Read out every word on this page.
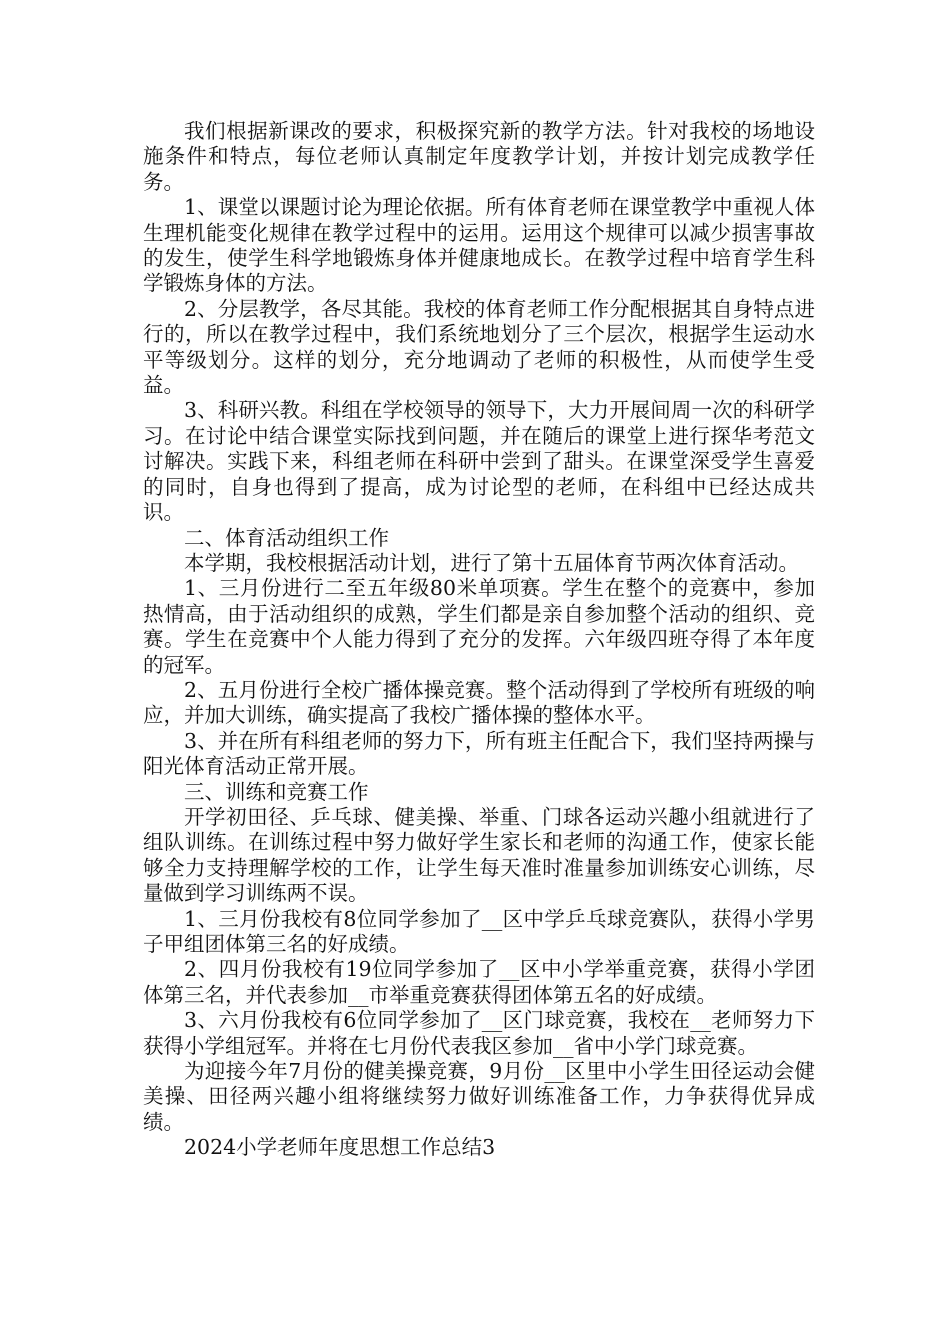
我们根据新课改的要求，积极探究新的教学方法。针对我校的场地设施条件和特点，每位老师认真制定年度教学计划，并按计划完成教学任务。

1、课堂以课题讨论为理论依据。所有体育老师在课堂教学中重视人体生理机能变化规律在教学过程中的运用。运用这个规律可以减少损害事故的发生，使学生科学地锻炼身体并健康地成长。在教学过程中培育学生科学锻炼身体的方法。

2、分层教学，各尽其能。我校的体育老师工作分配根据其自身特点进行的，所以在教学过程中，我们系统地划分了三个层次，根据学生运动水平等级划分。这样的划分，充分地调动了老师的积极性，从而使学生受益。

3、科研兴教。科组在学校领导的领导下，大力开展间周一次的科研学习。在讨论中结合课堂实际找到问题，并在随后的课堂上进行探华考范文讨解决。实践下来，科组老师在科研中尝到了甜头。在课堂深受学生喜爱的同时，自身也得到了提高，成为讨论型的老师，在科组中已经达成共识。

二、体育活动组织工作

本学期，我校根据活动计划，进行了第十五届体育节两次体育活动。

1、三月份进行二至五年级80米单项赛。学生在整个的竞赛中，参加热情高，由于活动组织的成熟，学生们都是亲自参加整个活动的组织、竞赛。学生在竞赛中个人能力得到了充分的发挥。六年级四班夺得了本年度的冠军。

2、五月份进行全校广播体操竞赛。整个活动得到了学校所有班级的响应，并加大训练，确实提高了我校广播体操的整体水平。

3、并在所有科组老师的努力下，所有班主任配合下，我们坚持两操与阳光体育活动正常开展。

三、训练和竞赛工作

开学初田径、乒乓球、健美操、举重、门球各运动兴趣小组就进行了组队训练。在训练过程中努力做好学生家长和老师的沟通工作，使家长能够全力支持理解学校的工作，让学生每天准时准量参加训练安心训练，尽量做到学习训练两不误。

1、三月份我校有8位同学参加了__区中学乒乓球竞赛队，获得小学男子甲组团体第三名的好成绩。

2、四月份我校有19位同学参加了__区中小学举重竞赛，获得小学团体第三名，并代表参加__市举重竞赛获得团体第五名的好成绩。

3、六月份我校有6位同学参加了__区门球竞赛，我校在__老师努力下获得小学组冠军。并将在七月份代表我区参加__省中小学门球竞赛。

为迎接今年7月份的健美操竞赛，9月份__区里中小学生田径运动会健美操、田径两兴趣小组将继续努力做好训练准备工作，力争获得优异成绩。

2024小学老师年度思想工作总结3
